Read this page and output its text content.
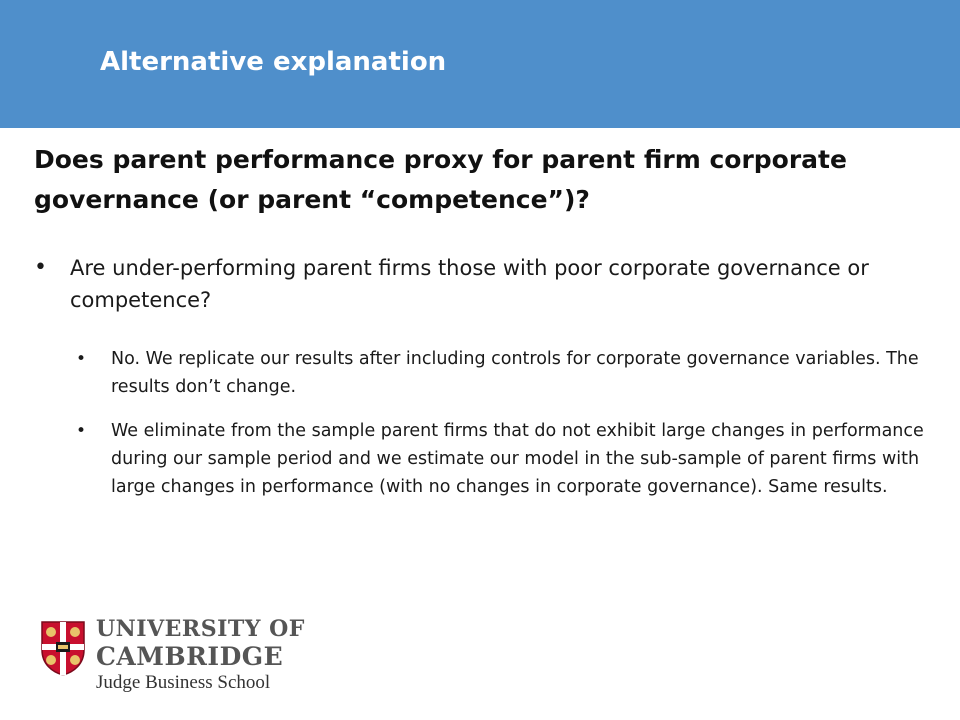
Alternative explanation
Does parent performance proxy for parent firm corporate governance (or parent “competence”)?
•	Are under-performing parent firms those with poor corporate governance or competence?
•	No. We replicate our results after including controls for corporate governance variables. The results don’t change.
•	We eliminate from the sample parent firms that do not exhibit large changes in performance during our sample period and we estimate our model in the sub-sample of parent firms with large changes in performance (with no changes in corporate governance). Same results.
UNIVERSITY OF
CAMBRIDGE
Judge Business School
